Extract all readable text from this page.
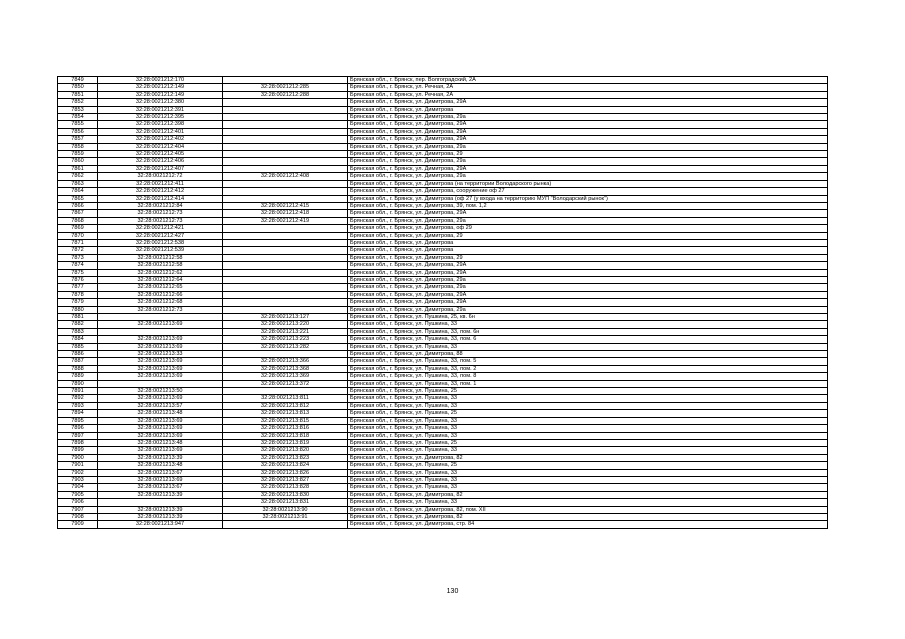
7849	32:28:0021212:170		Брянская обл., г. Брянск, пер. Волгоградский, 2А
7850	32:28:0021212:149	32:28:0021212:285	Брянская обл., г. Брянск, ул. Речная, 2А
7851	32:28:0021212:149	32:28:0021212:288	Брянская обл., г. Брянск, ул. Речная, 2А
7852	32:28:0021212:380		Брянская обл., г. Брянск, ул. Димитрова, 29А
7853	32:28:0021212:391		Брянская обл., г. Брянск, ул. Димитрова
7854	32:28:0021212:395		Брянская обл., г. Брянск, ул. Димитрова, 29а
7855	32:28:0021212:398		Брянская обл., г. Брянск, ул. Димитрова, 29А
7856	32:28:0021212:401		Брянская обл., г. Брянск, ул. Димитрова, 29А
7857	32:28:0021212:402		Брянская обл., г. Брянск, ул. Димитрова, 29А
7858	32:28:0021212:404		Брянская обл., г. Брянск, ул. Димитрова, 29а
7859	32:28:0021212:405		Брянская обл., г. Брянск, ул. Димитрова, 29
7860	32:28:0021212:406		Брянская обл., г. Брянск, ул. Димитрова, 29а
7861	32:28:0021212:407		Брянская обл., г. Брянск, ул. Димитрова, 29А
7862	32:28:0021212:72	32:28:0021212:408	Брянская обл., г. Брянск, ул. Димитрова, 29а
7863	32:28:0021212:411		Брянская обл., г. Брянск, ул. Димитрова (на территории Володарского рынка)
7864	32:28:0021212:412		Брянская обл., г. Брянск, ул. Димитрова, сооружение оф 27
7865	32:28:0021212:414		Брянская обл., г. Брянск, ул. Димитрова (оф 27 (у входа на территорию МУП "Володарский рынок")
7866	32:28:0021212:84	32:28:0021212:415	Брянская обл., г. Брянск, ул. Димитрова, 39, пом. 1,2
7867	32:28:0021212:73	32:28:0021212:418	Брянская обл., г. Брянск, ул. Димитрова, 29А
7868	32:28:0021212:73	32:28:0021212:419	Брянская обл., г. Брянск, ул. Димитрова, 29а
7869	32:28:0021212:421		Брянская обл., г. Брянск, ул. Димитрова, оф 29
7870	32:28:0021212:427		Брянская обл., г. Брянск, ул. Димитрова, 29
7871	32:28:0021212:538		Брянская обл., г. Брянск, ул. Димитрова
7872	32:28:0021212:539		Брянская обл., г. Брянск, ул. Димитрова
7873	32:28:0021212:58		Брянская обл., г. Брянск, ул. Димитрова, 29
7874	32:28:0021212:58		Брянская обл., г. Брянск, ул. Димитрова, 29А
7875	32:28:0021212:62		Брянская обл., г. Брянск, ул. Димитрова, 29А
7876	32:28:0021212:64		Брянская обл., г. Брянск, ул. Димитрова, 29а
7877	32:28:0021212:65		Брянская обл., г. Брянск, ул. Димитрова, 29а
7878	32:28:0021212:66		Брянская обл., г. Брянск, ул. Димитрова, 29А
7879	32:28:0021212:68		Брянская обл., г. Брянск, ул. Димитрова, 29А
7880	32:28:0021212:73		Брянская обл., г. Брянск, ул. Димитрова, 29а
7881		32:28:0021213:127	Брянская обл., г. Брянск, ул. Пушкина, 25, кв. 6н
7882	32:28:0021213:69	32:28:0021213:220	Брянская обл., г. Брянск, ул. Пушкина, 33
7883		32:28:0021213:221	Брянская обл., г. Брянск, ул. Пушкина, 33, пом. 6н
7884	32:28:0021213:69	32:28:0021213:223	Брянская обл., г. Брянск, ул. Пушкина, 33, пом. 6
7885	32:28:0021213:69	32:28:0021213:282	Брянская обл., г. Брянск, ул. Пушкина, 33
7886	32:28:0021213:33		Брянская обл., г. Брянск, ул. Димитрова, 88
7887	32:28:0021213:69	32:28:0021213:366	Брянская обл., г. Брянск, ул. Пушкина, 33, пом. 5
7888	32:28:0021213:69	32:28:0021213:368	Брянская обл., г. Брянск, ул. Пушкина, 33, пом. 2
7889	32:28:0021213:69	32:28:0021213:369	Брянская обл., г. Брянск, ул. Пушкина, 33, пом. 8
7890		32:28:0021213:372	Брянская обл., г. Брянск, ул. Пушкина, 33, пом. 1
7891	32:28:0021213:50		Брянская обл., г. Брянск, ул. Пушкина, 25
7892	32:28:0021213:69	32:28:0021213:811	Брянская обл., г. Брянск, ул. Пушкина, 33
7893	32:28:0021213:57	32:28:0021213:812	Брянская обл., г. Брянск, ул. Пушкина, 33
7894	32:28:0021213:48	32:28:0021213:813	Брянская обл., г. Брянск, ул. Пушкина, 25
7895	32:28:0021213:69	32:28:0021213:815	Брянская обл., г. Брянск, ул. Пушкина, 33
7896	32:28:0021213:69	32:28:0021213:816	Брянская обл., г. Брянск, ул. Пушкина, 33
7897	32:28:0021213:69	32:28:0021213:818	Брянская обл., г. Брянск, ул. Пушкина, 33
7898	32:28:0021213:48	32:28:0021213:819	Брянская обл., г. Брянск, ул. Пушкина, 25
7899	32:28:0021213:69	32:28:0021213:820	Брянская обл., г. Брянск, ул. Пушкина, 33
7900	32:28:0021213:39	32:28:0021213:823	Брянская обл., г. Брянск, ул. Димитрова, 82
7901	32:28:0021213:48	32:28:0021213:824	Брянская обл., г. Брянск, ул. Пушкина, 25
7902	32:28:0021213:67	32:28:0021213:826	Брянская обл., г. Брянск, ул. Пушкина, 33
7903	32:28:0021213:69	32:28:0021213:827	Брянская обл., г. Брянск, ул. Пушкина, 33
7904	32:28:0021213:67	32:28:0021213:828	Брянская обл., г. Брянск, ул. Пушкина, 33
7905	32:28:0021213:39	32:28:0021213:830	Брянская обл., г. Брянск, ул. Димитрова, 82
7906		32:28:0021213:831	Брянская обл., г. Брянск, ул. Пушкина, 33
7907	32:28:0021213:39	32:28:0021213:90	Брянская обл., г. Брянск, ул. Димитрова, 82, пом. XII
7908	32:28:0021213:39	32:28:0021213:91	Брянская обл., г. Брянск, ул. Димитрова, 82
7909	32:28:0021213:947		Брянская обл., г. Брянск, ул. Димитрова, стр. 84
130
